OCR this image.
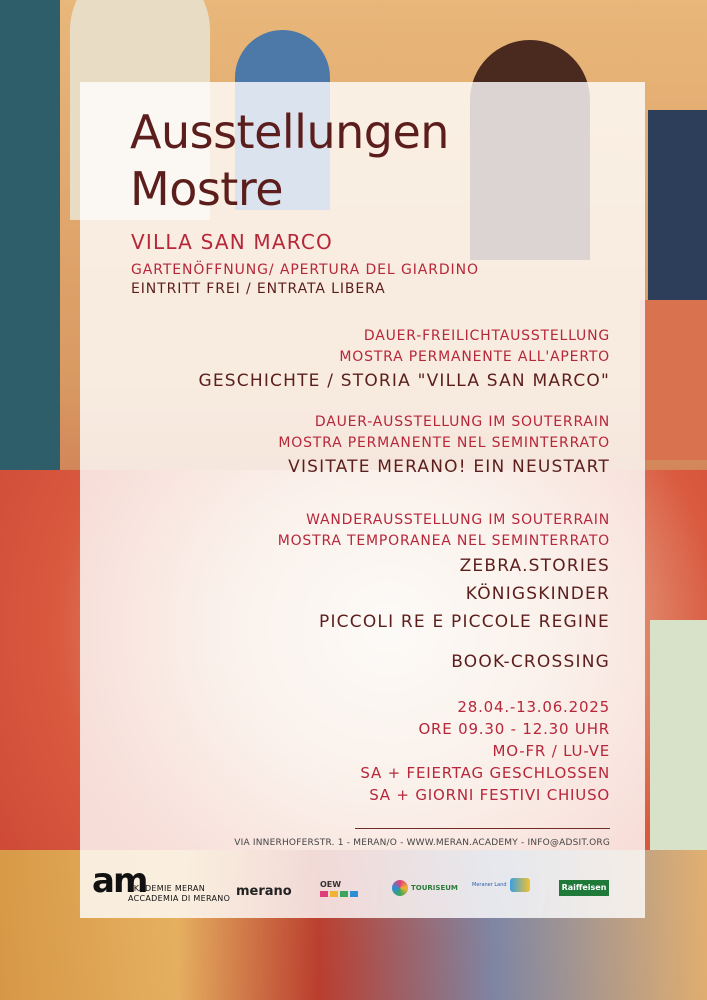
Ausstellungen
Mostre
VILLA SAN MARCO
GARTENÖFFNUNG/ APERTURA DEL GIARDINO
EINTRITT FREI / ENTRATA LIBERA
DAUER-FREILICHTAUSSTELLUNG
MOSTRA PERMANENTE ALL'APERTO
GESCHICHTE / STORIA "VILLA SAN MARCO"
DAUER-AUSSTELLUNG IM SOUTERRAIN
MOSTRA PERMANENTE NEL SEMINTERRATO
VISITATE MERANO! EIN NEUSTART
WANDERAUSSTELLUNG IM SOUTERRAIN
MOSTRA TEMPORANEA NEL SEMINTERRATO
ZEBRA.STORIES
KÖNIGSKINDER
PICCOLI RE E PICCOLE REGINE
BOOK-CROSSING
28.04.-13.06.2025
ORE 09.30 - 12.30 UHR
MO-FR / LU-VE
SA + FEIERTAG GESCHLOSSEN
SA + GIORNI FESTIVI CHIUSO
VIA INNERHOFERSTR. 1 - MERAN/O - WWW.MERAN.ACADEMY - INFO@ADSIT.ORG
am
AKADEMIE MERAN
ACCADEMIA DI MERANO merano	OEW	TOURISEUM	Meraner Land	Raiffeisen
